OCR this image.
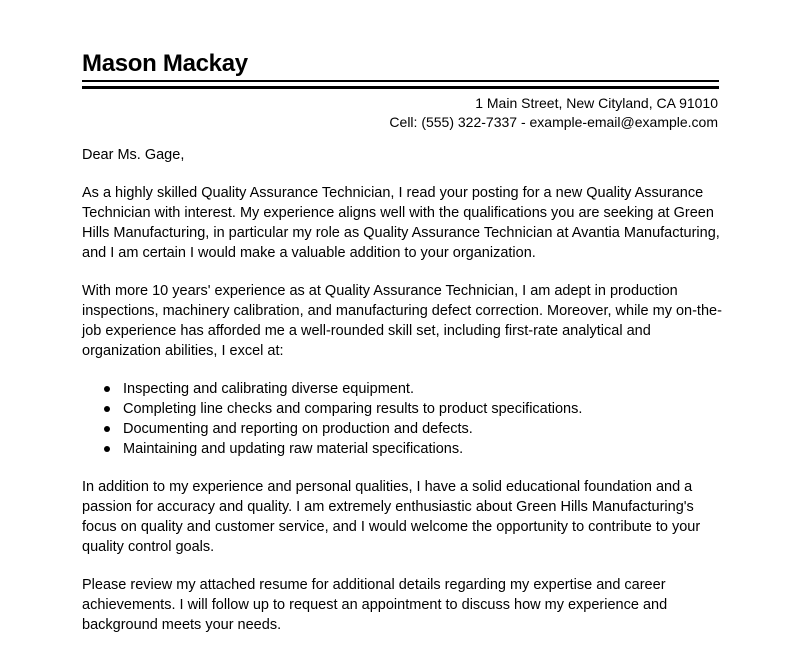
Mason Mackay
1 Main Street, New Cityland, CA 91010
Cell: (555) 322-7337 - example-email@example.com
Dear Ms. Gage,
As a highly skilled Quality Assurance Technician, I read your posting for a new Quality Assurance
Technician with interest. My experience aligns well with the qualifications you are seeking at Green
Hills Manufacturing, in particular my role as Quality Assurance Technician at Avantia Manufacturing,
and I am certain I would make a valuable addition to your organization.
With more 10 years' experience as at Quality Assurance Technician, I am adept in production
inspections, machinery calibration, and manufacturing defect correction. Moreover, while my on-the-
job experience has afforded me a well-rounded skill set, including first-rate analytical and
organization abilities, I excel at:
Inspecting and calibrating diverse equipment.
Completing line checks and comparing results to product specifications.
Documenting and reporting on production and defects.
Maintaining and updating raw material specifications.
In addition to my experience and personal qualities, I have a solid educational foundation and a
passion for accuracy and quality. I am extremely enthusiastic about Green Hills Manufacturing's
focus on quality and customer service, and I would welcome the opportunity to contribute to your
quality control goals.
Please review my attached resume for additional details regarding my expertise and career
achievements. I will follow up to request an appointment to discuss how my experience and
background meets your needs.
